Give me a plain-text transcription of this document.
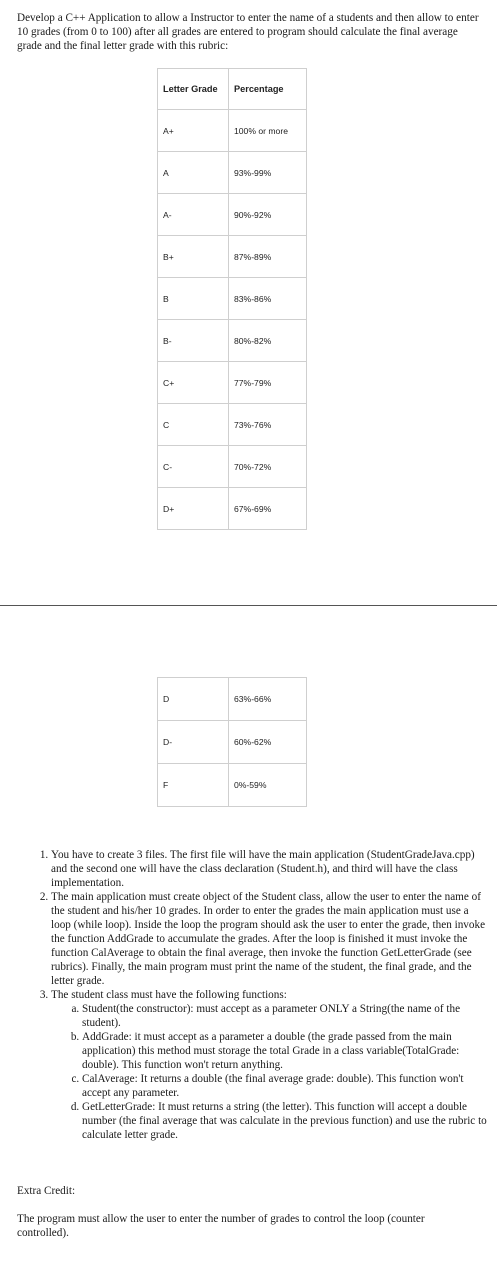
Develop a C++ Application to allow a Instructor to enter the name of a students and then allow to enter 10 grades (from 0 to 100) after all grades are entered to program should calculate the final average grade and the final letter grade with this rubric:

Letter Grade	Percentage
A+	100% or more
A	93%-99%
A-	90%-92%
B+	87%-89%
B	83%-86%
B-	80%-82%
C+	77%-79%
C	73%-76%
C-	70%-72%
D+	67%-69%
D	63%-66%
D-	60%-62%
F	0%-59%
1. You have to create 3 files. The first file will have the main application (StudentGradeJava.cpp) and the second one will have the class declaration (Student.h), and third will have the class implementation.
2. The main application must create object of the Student class, allow the user to enter the name of the student and his/her 10 grades. In order to enter the grades the main application must use a loop (while loop). Inside the loop the program should ask the user to enter the grade, then invoke the function AddGrade to accumulate the grades. After the loop is finished it must invoke the function CalAverage to obtain the final average, then invoke the function GetLetterGrade (see rubrics). Finally, the main program must print the name of the student, the final grade, and the letter grade.
3. The student class must have the following functions:
a. Student(the constructor): must accept as a parameter ONLY a String(the name of the student).
b. AddGrade: it must accept as a parameter a double (the grade passed from the main application) this method must storage the total Grade in a class variable(TotalGrade: double). This function won't return anything.
c. CalAverage: It returns a double (the final average grade: double). This function won't accept any parameter.
d. GetLetterGrade: It must returns a string (the letter). This function will accept a double number (the final average that was calculate in the previous function) and use the rubric to calculate letter grade.

Extra Credit:

The program must allow the user to enter the number of grades to control the loop (counter controlled).
